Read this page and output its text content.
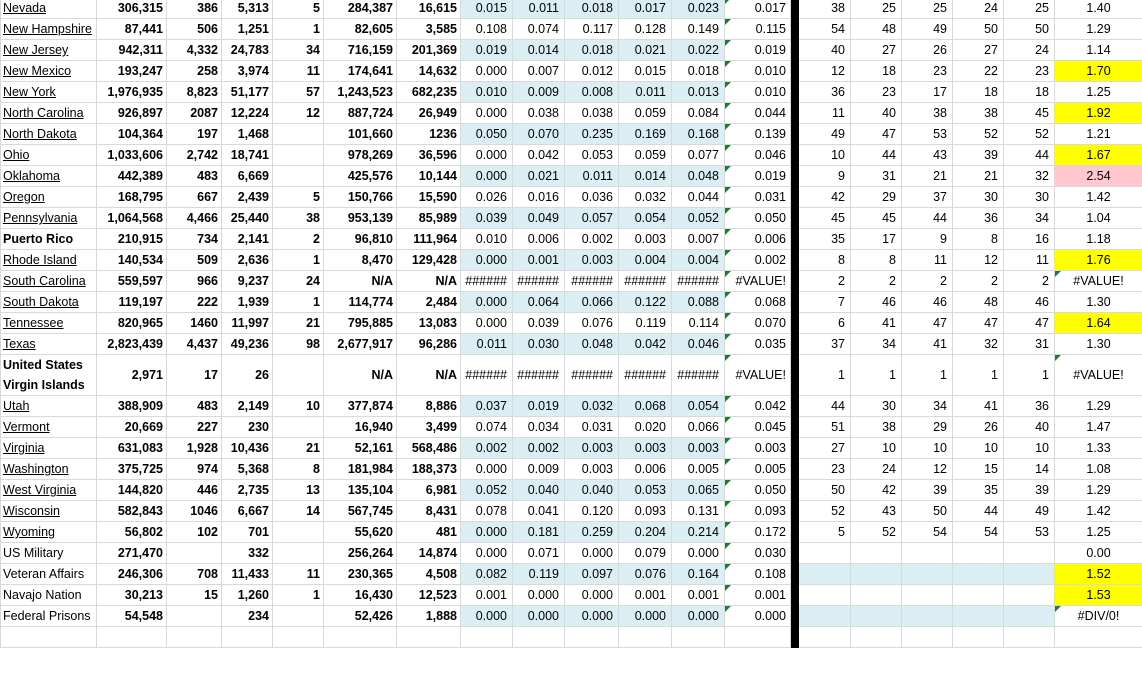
Nevada	306,315	386	5,313	5	284,387	16,615	0.015	0.011	0.018	0.017	0.023	0.017		38	25	25	24	25	1.40
New Hampshire	87,441	506	1,251	1	82,605	3,585	0.108	0.074	0.117	0.128	0.149	0.115		54	48	49	50	50	1.29
New Jersey	942,311	4,332	24,783	34	716,159	201,369	0.019	0.014	0.018	0.021	0.022	0.019		40	27	26	27	24	1.14
New Mexico	193,247	258	3,974	11	174,641	14,632	0.000	0.007	0.012	0.015	0.018	0.010		12	18	23	22	23	1.70
New York	1,976,935	8,823	51,177	57	1,243,523	682,235	0.010	0.009	0.008	0.011	0.013	0.010		36	23	17	18	18	1.25
North Carolina	926,897	2087	12,224	12	887,724	26,949	0.000	0.038	0.038	0.059	0.084	0.044		11	40	38	38	45	1.92
North Dakota	104,364	197	1,468		101,660	1236	0.050	0.070	0.235	0.169	0.168	0.139		49	47	53	52	52	1.21
Ohio	1,033,606	2,742	18,741		978,269	36,596	0.000	0.042	0.053	0.059	0.077	0.046		10	44	43	39	44	1.67
Oklahoma	442,389	483	6,669		425,576	10,144	0.000	0.021	0.011	0.014	0.048	0.019		9	31	21	21	32	2.54
Oregon	168,795	667	2,439	5	150,766	15,590	0.026	0.016	0.036	0.032	0.044	0.031		42	29	37	30	30	1.42
Pennsylvania	1,064,568	4,466	25,440	38	953,139	85,989	0.039	0.049	0.057	0.054	0.052	0.050		45	45	44	36	34	1.04
Puerto Rico	210,915	734	2,141	2	96,810	111,964	0.010	0.006	0.002	0.003	0.007	0.006		35	17	9	8	16	1.18
Rhode Island	140,534	509	2,636	1	8,470	129,428	0.000	0.001	0.003	0.004	0.004	0.002		8	8	11	12	11	1.76
South Carolina	559,597	966	9,237	24	N/A	N/A	######	######	######	######	######	#VALUE!		2	2	2	2	2	#VALUE!
South Dakota	119,197	222	1,939	1	114,774	2,484	0.000	0.064	0.066	0.122	0.088	0.068		7	46	46	48	46	1.30
Tennessee	820,965	1460	11,997	21	795,885	13,083	0.000	0.039	0.076	0.119	0.114	0.070		6	41	47	47	47	1.64
Texas	2,823,439	4,437	49,236	98	2,677,917	96,286	0.011	0.030	0.048	0.042	0.046	0.035		37	34	41	32	31	1.30
United States Virgin Islands	2,971	17	26		N/A	N/A	######	######	######	######	######	#VALUE!		1	1	1	1	1	#VALUE!
Utah	388,909	483	2,149	10	377,874	8,886	0.037	0.019	0.032	0.068	0.054	0.042		44	30	34	41	36	1.29
Vermont	20,669	227	230		16,940	3,499	0.074	0.034	0.031	0.020	0.066	0.045		51	38	29	26	40	1.47
Virginia	631,083	1,928	10,436	21	52,161	568,486	0.002	0.002	0.003	0.003	0.003	0.003		27	10	10	10	10	1.33
Washington	375,725	974	5,368	8	181,984	188,373	0.000	0.009	0.003	0.006	0.005	0.005		23	24	12	15	14	1.08
West Virginia	144,820	446	2,735	13	135,104	6,981	0.052	0.040	0.040	0.053	0.065	0.050		50	42	39	35	39	1.29
Wisconsin	582,843	1046	6,667	14	567,745	8,431	0.078	0.041	0.120	0.093	0.131	0.093		52	43	50	44	49	1.42
Wyoming	56,802	102	701		55,620	481	0.000	0.181	0.259	0.204	0.214	0.172		5	52	54	54	53	1.25
US Military	271,470		332		256,264	14,874	0.000	0.071	0.000	0.079	0.000	0.030							0.00
Veteran Affairs	246,306	708	11,433	11	230,365	4,508	0.082	0.119	0.097	0.076	0.164	0.108							1.52
Navajo Nation	30,213	15	1,260	1	16,430	12,523	0.001	0.000	0.000	0.001	0.001	0.001							1.53
Federal Prisons	54,548		234		52,426	1,888	0.000	0.000	0.000	0.000	0.000	0.000							#DIV/0!
